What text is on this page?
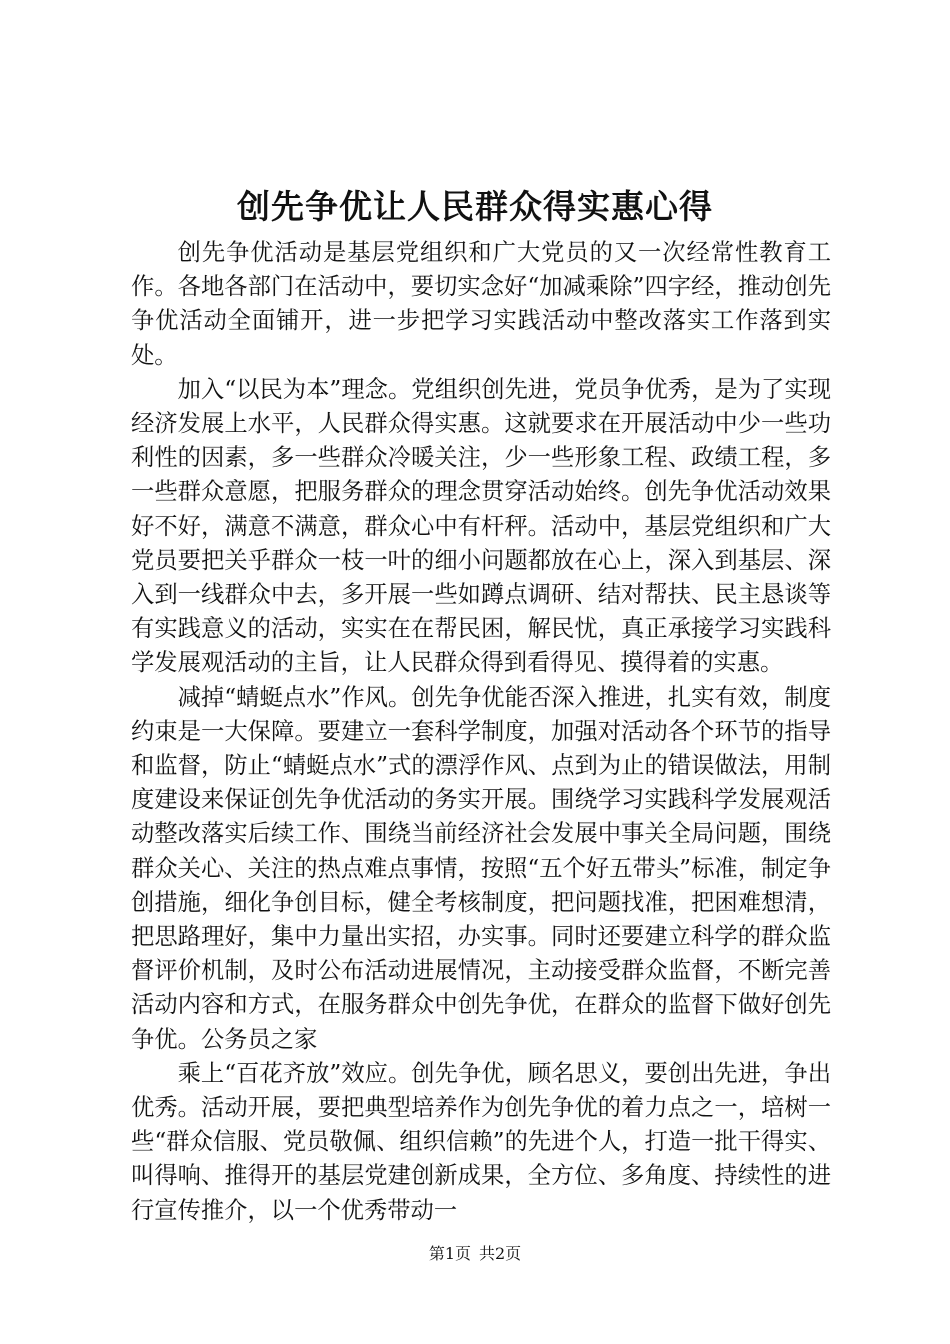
创先争优让人民群众得实惠心得

创先争优活动是基层党组织和广大党员的又一次经常性教育工作。各地各部门在活动中，要切实念好“加减乘除”四字经，推动创先争优活动全面铺开，进一步把学习实践活动中整改落实工作落到实处。

加入“以民为本”理念。党组织创先进，党员争优秀，是为了实现经济发展上水平，人民群众得实惠。这就要求在开展活动中少一些功利性的因素，多一些群众冷暖关注，少一些形象工程、政绩工程，多一些群众意愿，把服务群众的理念贯穿活动始终。创先争优活动效果好不好，满意不满意，群众心中有杆秤。活动中，基层党组织和广大党员要把关乎群众一枝一叶的细小问题都放在心上，深入到基层、深入到一线群众中去，多开展一些如蹲点调研、结对帮扶、民主恳谈等有实践意义的活动，实实在在帮民困，解民忧，真正承接学习实践科学发展观活动的主旨，让人民群众得到看得见、摸得着的实惠。

减掉“蜻蜓点水”作风。创先争优能否深入推进，扎实有效，制度约束是一大保障。要建立一套科学制度，加强对活动各个环节的指导和监督，防止“蜻蜓点水”式的漂浮作风、点到为止的错误做法，用制度建设来保证创先争优活动的务实开展。围绕学习实践科学发展观活动整改落实后续工作、围绕当前经济社会发展中事关全局问题，围绕群众关心、关注的热点难点事情，按照“五个好五带头”标准，制定争创措施，细化争创目标，健全考核制度，把问题找准，把困难想清，把思路理好，集中力量出实招，办实事。同时还要建立科学的群众监督评价机制，及时公布活动进展情况，主动接受群众监督，不断完善活动内容和方式，在服务群众中创先争优，在群众的监督下做好创先争优。公务员之家

乘上“百花齐放”效应。创先争优，顾名思义，要创出先进，争出优秀。活动开展，要把典型培养作为创先争优的着力点之一，培树一些“群众信服、党员敬佩、组织信赖”的先进个人，打造一批干得实、叫得响、推得开的基层党建创新成果，全方位、多角度、持续性的进行宣传推介，以一个优秀带动一

第1页 共2页
